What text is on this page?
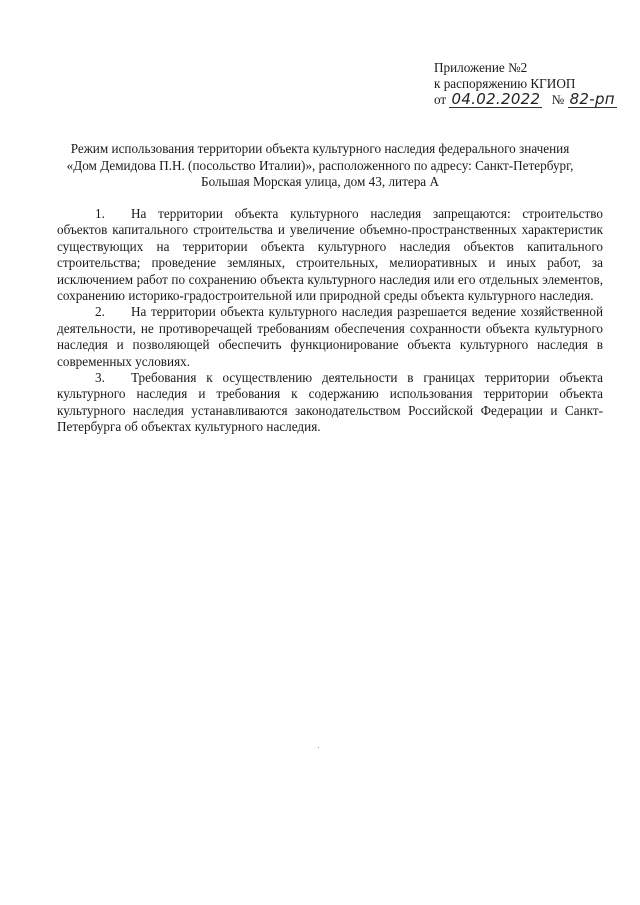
Приложение №2
к распоряжению КГИОП
от 04.02.2022 № 82-рп
Режим использования территории объекта культурного наследия федерального значения
«Дом Демидова П.Н. (посольство Италии)», расположенного по адресу: Санкт-Петербург,
Большая Морская улица, дом 43, литера А

1. На территории объекта культурного наследия запрещаются: строительство объектов капитального строительства и увеличение объемно-пространственных характеристик существующих на территории объекта культурного наследия объектов капитального строительства; проведение земляных, строительных, мелиоративных и иных работ, за исключением работ по сохранению объекта культурного наследия или его отдельных элементов, сохранению историко-градостроительной или природной среды объекта культурного наследия.

2. На территории объекта культурного наследия разрешается ведение хозяйственной деятельности, не противоречащей требованиям обеспечения сохранности объекта культурного наследия и позволяющей обеспечить функционирование объекта культурного наследия в современных условиях.

3. Требования к осуществлению деятельности в границах территории объекта культурного наследия и требования к содержанию использования территории объекта культурного наследия устанавливаются законодательством Российской Федерации и Санкт-Петербурга об объектах культурного наследия.
